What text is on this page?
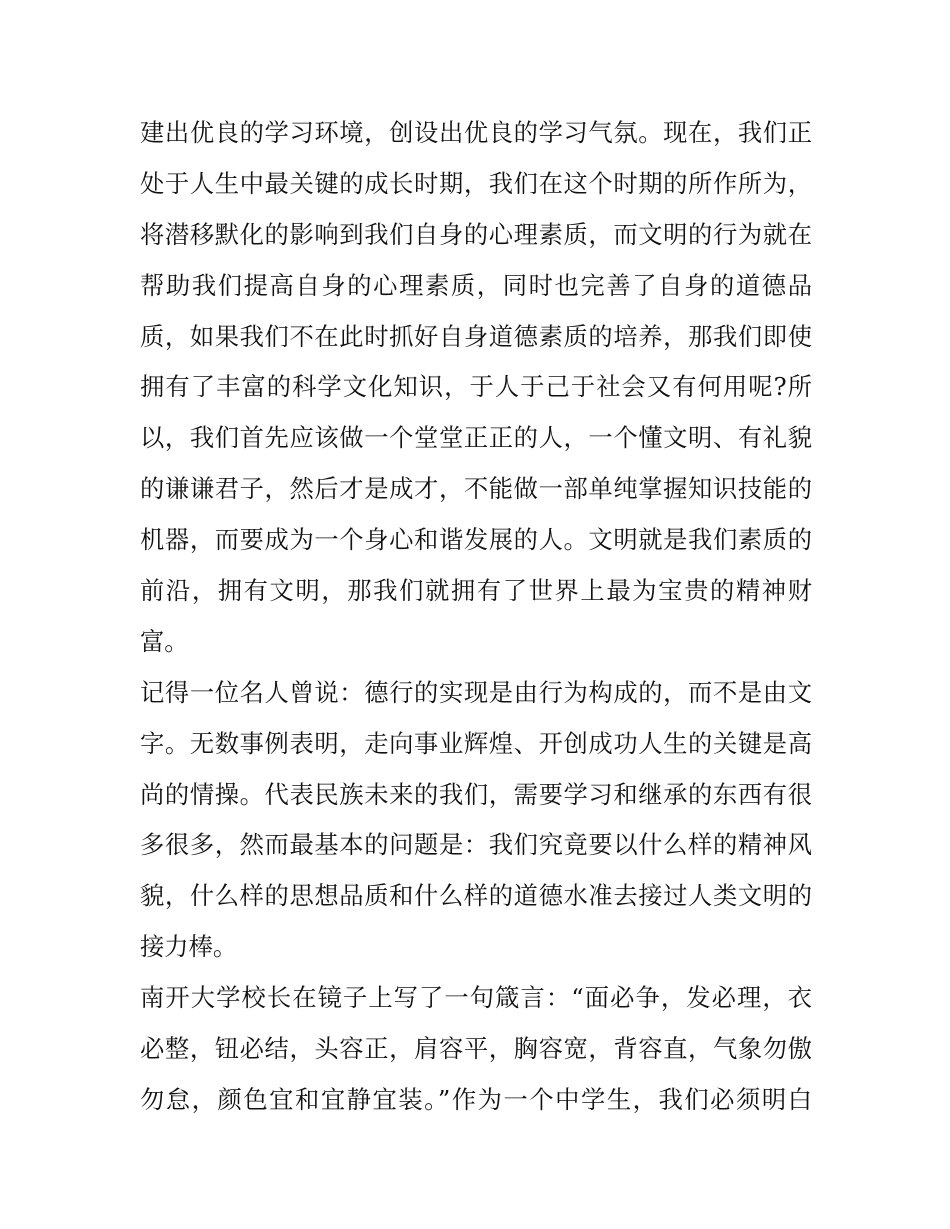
建出优良的学习环境，创设出优良的学习气氛。现在，我们正
处于人生中最关键的成长时期，我们在这个时期的所作所为，
将潜移默化的影响到我们自身的心理素质，而文明的行为就在
帮助我们提高自身的心理素质，同时也完善了自身的道德品
质，如果我们不在此时抓好自身道德素质的培养，那我们即使
拥有了丰富的科学文化知识，于人于己于社会又有何用呢?所
以，我们首先应该做一个堂堂正正的人，一个懂文明、有礼貌
的谦谦君子，然后才是成才，不能做一部单纯掌握知识技能的
机器，而要成为一个身心和谐发展的人。文明就是我们素质的
前沿，拥有文明，那我们就拥有了世界上最为宝贵的精神财
富。
记得一位名人曾说：德行的实现是由行为构成的，而不是由文
字。无数事例表明，走向事业辉煌、开创成功人生的关键是高
尚的情操。代表民族未来的我们，需要学习和继承的东西有很
多很多，然而最基本的问题是：我们究竟要以什么样的精神风
貌，什么样的思想品质和什么样的道德水准去接过人类文明的
接力棒。
南开大学校长在镜子上写了一句箴言：“面必争，发必理，衣
必整，钮必结，头容正，肩容平，胸容宽，背容直，气象勿傲
勿怠，颜色宜和宜静宜装。”作为一个中学生，我们必须明白
